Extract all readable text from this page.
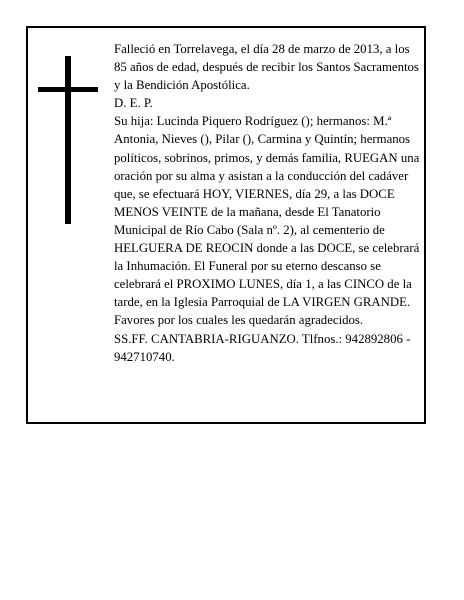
Falleció en Torrelavega, el día 28 de marzo de 2013, a los 85 años de edad, después de recibir los Santos Sacramentos y la Bendición Apostólica.

D. E. P.

Su hija: Lucinda Piquero Rodríguez (); hermanos: M.ª Antonia, Nieves (), Pilar (), Carmina y Quintín; hermanos políticos, sobrinos, primos, y demás familia, RUEGAN una oración por su alma y asistan a la conducción del cadáver que, se efectuará HOY, VIERNES, día 29, a las DOCE MENOS VEINTE de la mañana, desde El Tanatorio Municipal de Río Cabo (Sala nº. 2), al cementerio de HELGUERA DE REOCIN donde a las DOCE, se celebrará la Inhumación. El Funeral por su eterno descanso se celebrará el PROXIMO LUNES, día 1, a las CINCO de la tarde, en la Iglesia Parroquial de LA VIRGEN GRANDE. Favores por los cuales les quedarán agradecidos.

SS.FF. CANTABRIA-RIGUANZO. Tlfnos.: 942892806 - 942710740.
